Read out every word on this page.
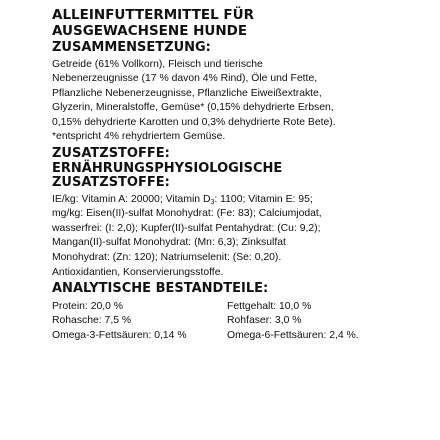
ALLEINFUTTERMITTEL FÜR
AUSGEWACHSENE HUNDE
ZUSAMMENSETZUNG:
Getreide (61% Vollkorn), Fleisch und tierische
Nebenerzeugnisse (17 % davon 4% Rind), Öle und Fette,
Pflanzliche Nebenerzeugnisse, Pflanzliche Eiweißextrakte,
Glyzerin, Mineralstoffe, Gemüse* (0,15% dehydrierte Erbsen,
0,15% dehydrierte Karotten und 0,3% dehydrierte Rote Bete).
*entspricht 4% rehydriertem Gemüse.
ZUSATZSTOFFE:
ERNÄHRUNGSPHYSIOLOGISCHE
ZUSATZSTOFFE:
IE/kg: Vitamin A: 20000; Vitamin $D_3$: 1100; Vitamin E: 95;
mg/kg: Eisen(II)-sulfat Monohydrat: (Fe: 83); Calciumjodat,
wasserfrei: (I: 2,0); Kupfer(II)-sulfat Pentahydrat: (Cu: 9,2);
Mangan(II)-sulfat Monohydrat: (Mn: 6,3); Zinksulfat
Monohydrat: (Zn: 120); Natriumselenit: (Se: 0,20).
Antioxidantien, Konservierungsstoffe.
ANALYTISCHE BESTANDTEILE:
Protein: 20,0 %	Fettgehalt: 10,0 %
Rohasche: 7,5 %	Rohfaser: 3,0 %
Omega-3-Fettsäuren: 0,14 %	Omega-6-Fettsäuren: 2,4 %.
